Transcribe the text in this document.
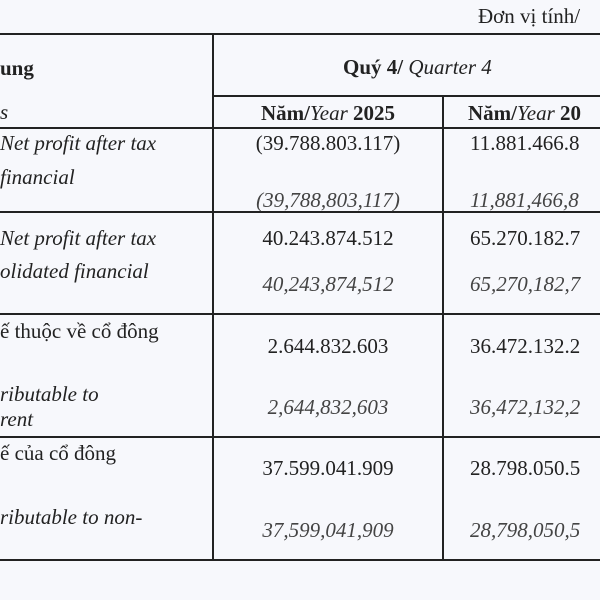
Đơn vị tính/
ung
s
Quý 4/ Quarter 4
Năm/Year 2025	Năm/Year 20
Net profit after tax
financial
(39.788.803.117)
(39,788,803,117)
11.881.466.8
11,881,466,8
Net profit after tax
olidated financial
40.243.874.512
40,243,874,512
65.270.182.7
65,270,182,7
ế thuộc về cổ đông
ributable to
rent
2.644.832.603
2,644,832,603
36.472.132.2
36,472,132,2
ế của cổ đông
ributable to non-
37.599.041.909
37,599,041,909
28.798.050.5
28,798,050,5
